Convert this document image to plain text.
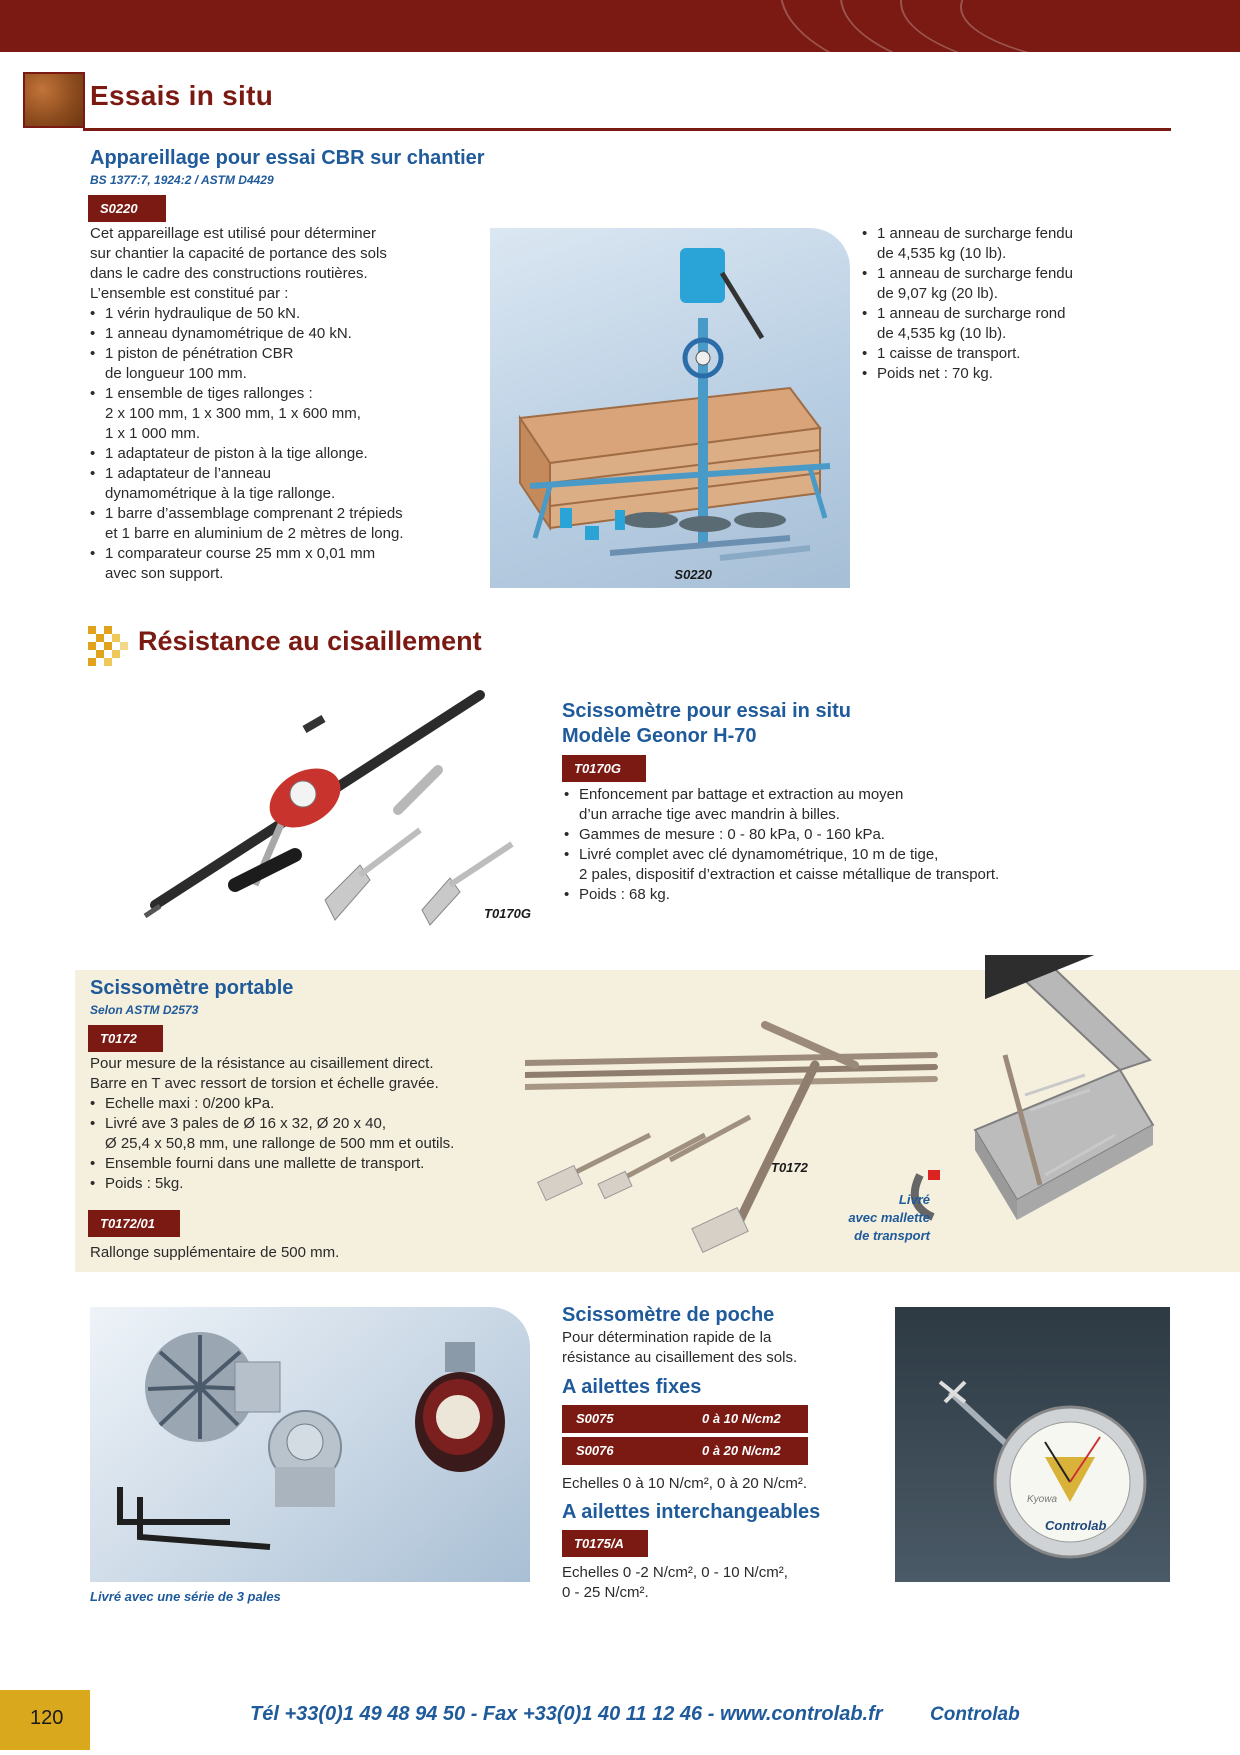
Essais in situ
Appareillage pour essai CBR sur chantier
BS 1377:7, 1924:2 / ASTM D4429
S0220

Cet appareillage est utilisé pour déterminer

sur chantier la capacité de portance des sols

dans le cadre des constructions routières.

L’ensemble est constitué par :

• 1 vérin hydraulique de 50 kN.
• 1 anneau dynamométrique de 40 kN.
• 1 piston de pénétration CBR
de longueur 100 mm.
• 1 ensemble de tiges rallonges :
2 x 100 mm, 1 x 300 mm, 1 x 600 mm,
1 x 1 000 mm.
• 1 adaptateur de piston à la tige allonge.
• 1 adaptateur de l’anneau
dynamométrique à la tige rallonge.
• 1 barre d’assemblage comprenant 2 trépieds
et 1 barre en aluminium de 2 mètres de long.
• 1 comparateur course 25 mm x 0,01 mm
avec son support.	S0220
• 1 anneau de surcharge fendu
de 4,535 kg (10 lb).
• 1 anneau de surcharge fendu
de 9,07 kg (20 lb).
• 1 anneau de surcharge rond
de 4,535 kg (10 lb).
• 1 caisse de transport.
• Poids net : 70 kg.
Résistance au cisaillement
T0170G
Scissomètre pour essai in situ
Modèle Geonor H-70
T0170G
• Enfoncement par battage et extraction au moyen
d’un arrache tige avec mandrin à billes.
• Gammes de mesure : 0 - 80 kPa, 0 - 160 kPa.
• Livré complet avec clé dynamométrique, 10 m de tige,
2 pales, dispositif d’extraction et caisse métallique de transport.
• Poids : 68 kg.
Scissomètre portable
Selon ASTM D2573
T0172

Pour mesure de la résistance au cisaillement direct.

Barre en T avec ressort de torsion et échelle gravée.

• Echelle maxi : 0/200 kPa.
• Livré ave 3 pales de Ø 16 x 32, Ø 20 x 40,
Ø 25,4 x 50,8 mm, une rallonge de 500 mm et outils.
• Ensemble fourni dans une mallette de transport.
• Poids : 5kg.
T0172/01
Rallonge supplémentaire de 500 mm.
T0172
Livré
avec mallette
de transport
Livré avec une série de 3 pales
Scissomètre de poche

Pour détermination rapide de la

résistance au cisaillement des sols.

A ailettes fixes
S0075	0 à 10 N/cm2
S0076	0 à 20 N/cm2
Echelles 0 à 10 N/cm², 0 à 20 N/cm².
A ailettes interchangeables
T0175/A

Echelles 0 -2 N/cm², 0 - 10 N/cm²,

0 - 25 N/cm².

Kyowa
Controlab
120	Tél +33(0)1 49 48 94 50 - Fax +33(0)1 40 11 12 46 - www.controlab.fr Controlab
